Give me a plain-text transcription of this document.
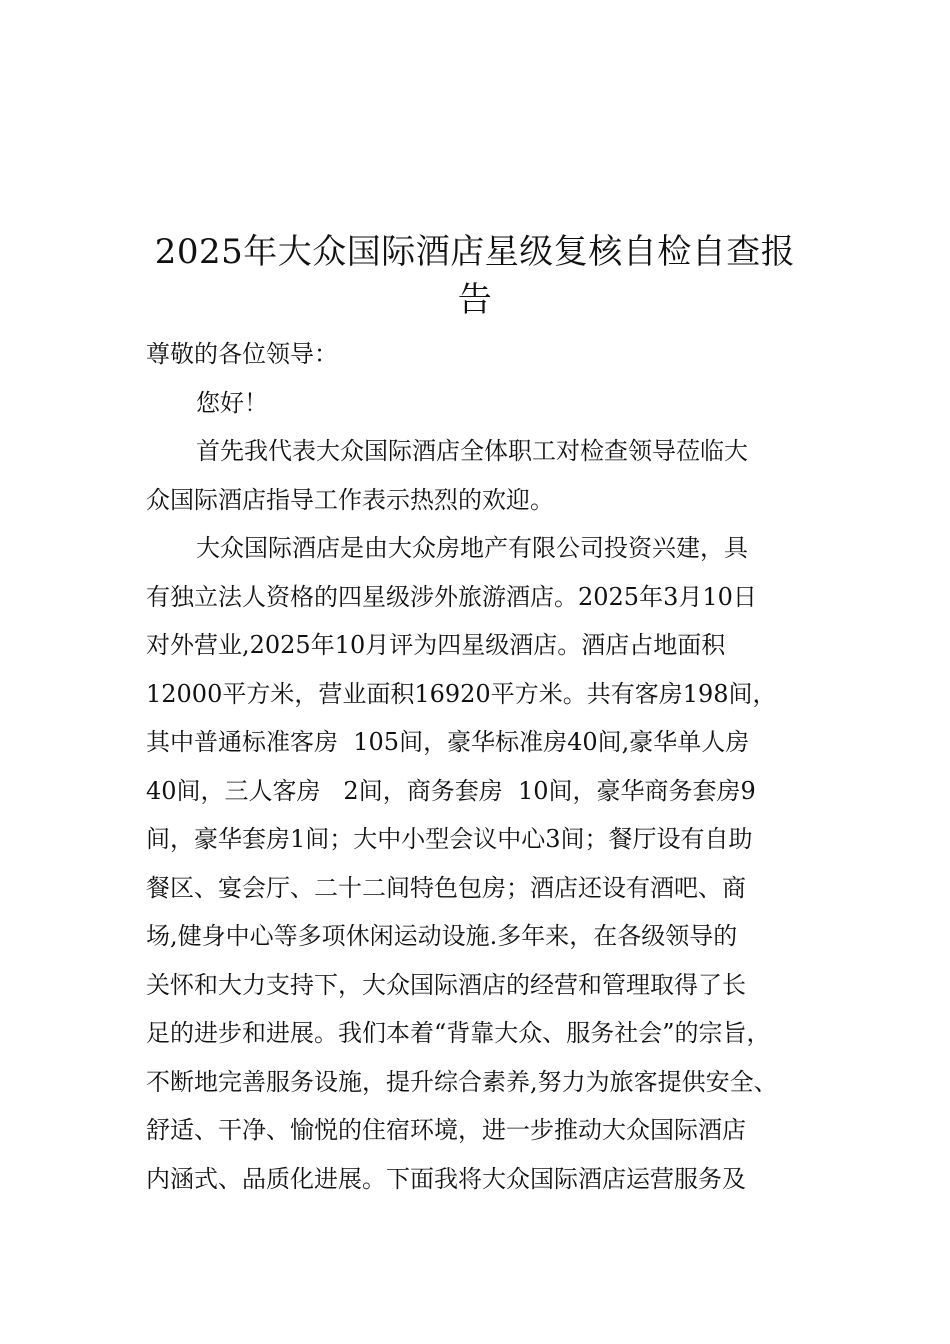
2025年大众国际酒店星级复核自检自查报
告
尊敬的各位领导：
您好！
首先我代表大众国际酒店全体职工对检查领导莅临大
众国际酒店指导工作表示热烈的欢迎。
大众国际酒店是由大众房地产有限公司投资兴建，具
有独立法人资格的四星级涉外旅游酒店。2025年3月10日
对外营业,2025年10月评为四星级酒店。酒店占地面积
12000平方米，营业面积16920平方米。共有客房198间，
其中普通标准客房  105间，豪华标准房40间,豪华单人房
40间，三人客房   2间，商务套房  10间，豪华商务套房9
间，豪华套房1间；大中小型会议中心3间；餐厅设有自助
餐区、宴会厅、二十二间特色包房；酒店还设有酒吧、商
场,健身中心等多项休闲运动设施.多年来，在各级领导的
关怀和大力支持下，大众国际酒店的经营和管理取得了长
足的进步和进展。我们本着“背靠大众、服务社会”的宗旨，
不断地完善服务设施，提升综合素养,努力为旅客提供安全、
舒适、干净、愉悦的住宿环境，进一步推动大众国际酒店
内涵式、品质化进展。下面我将大众国际酒店运营服务及
